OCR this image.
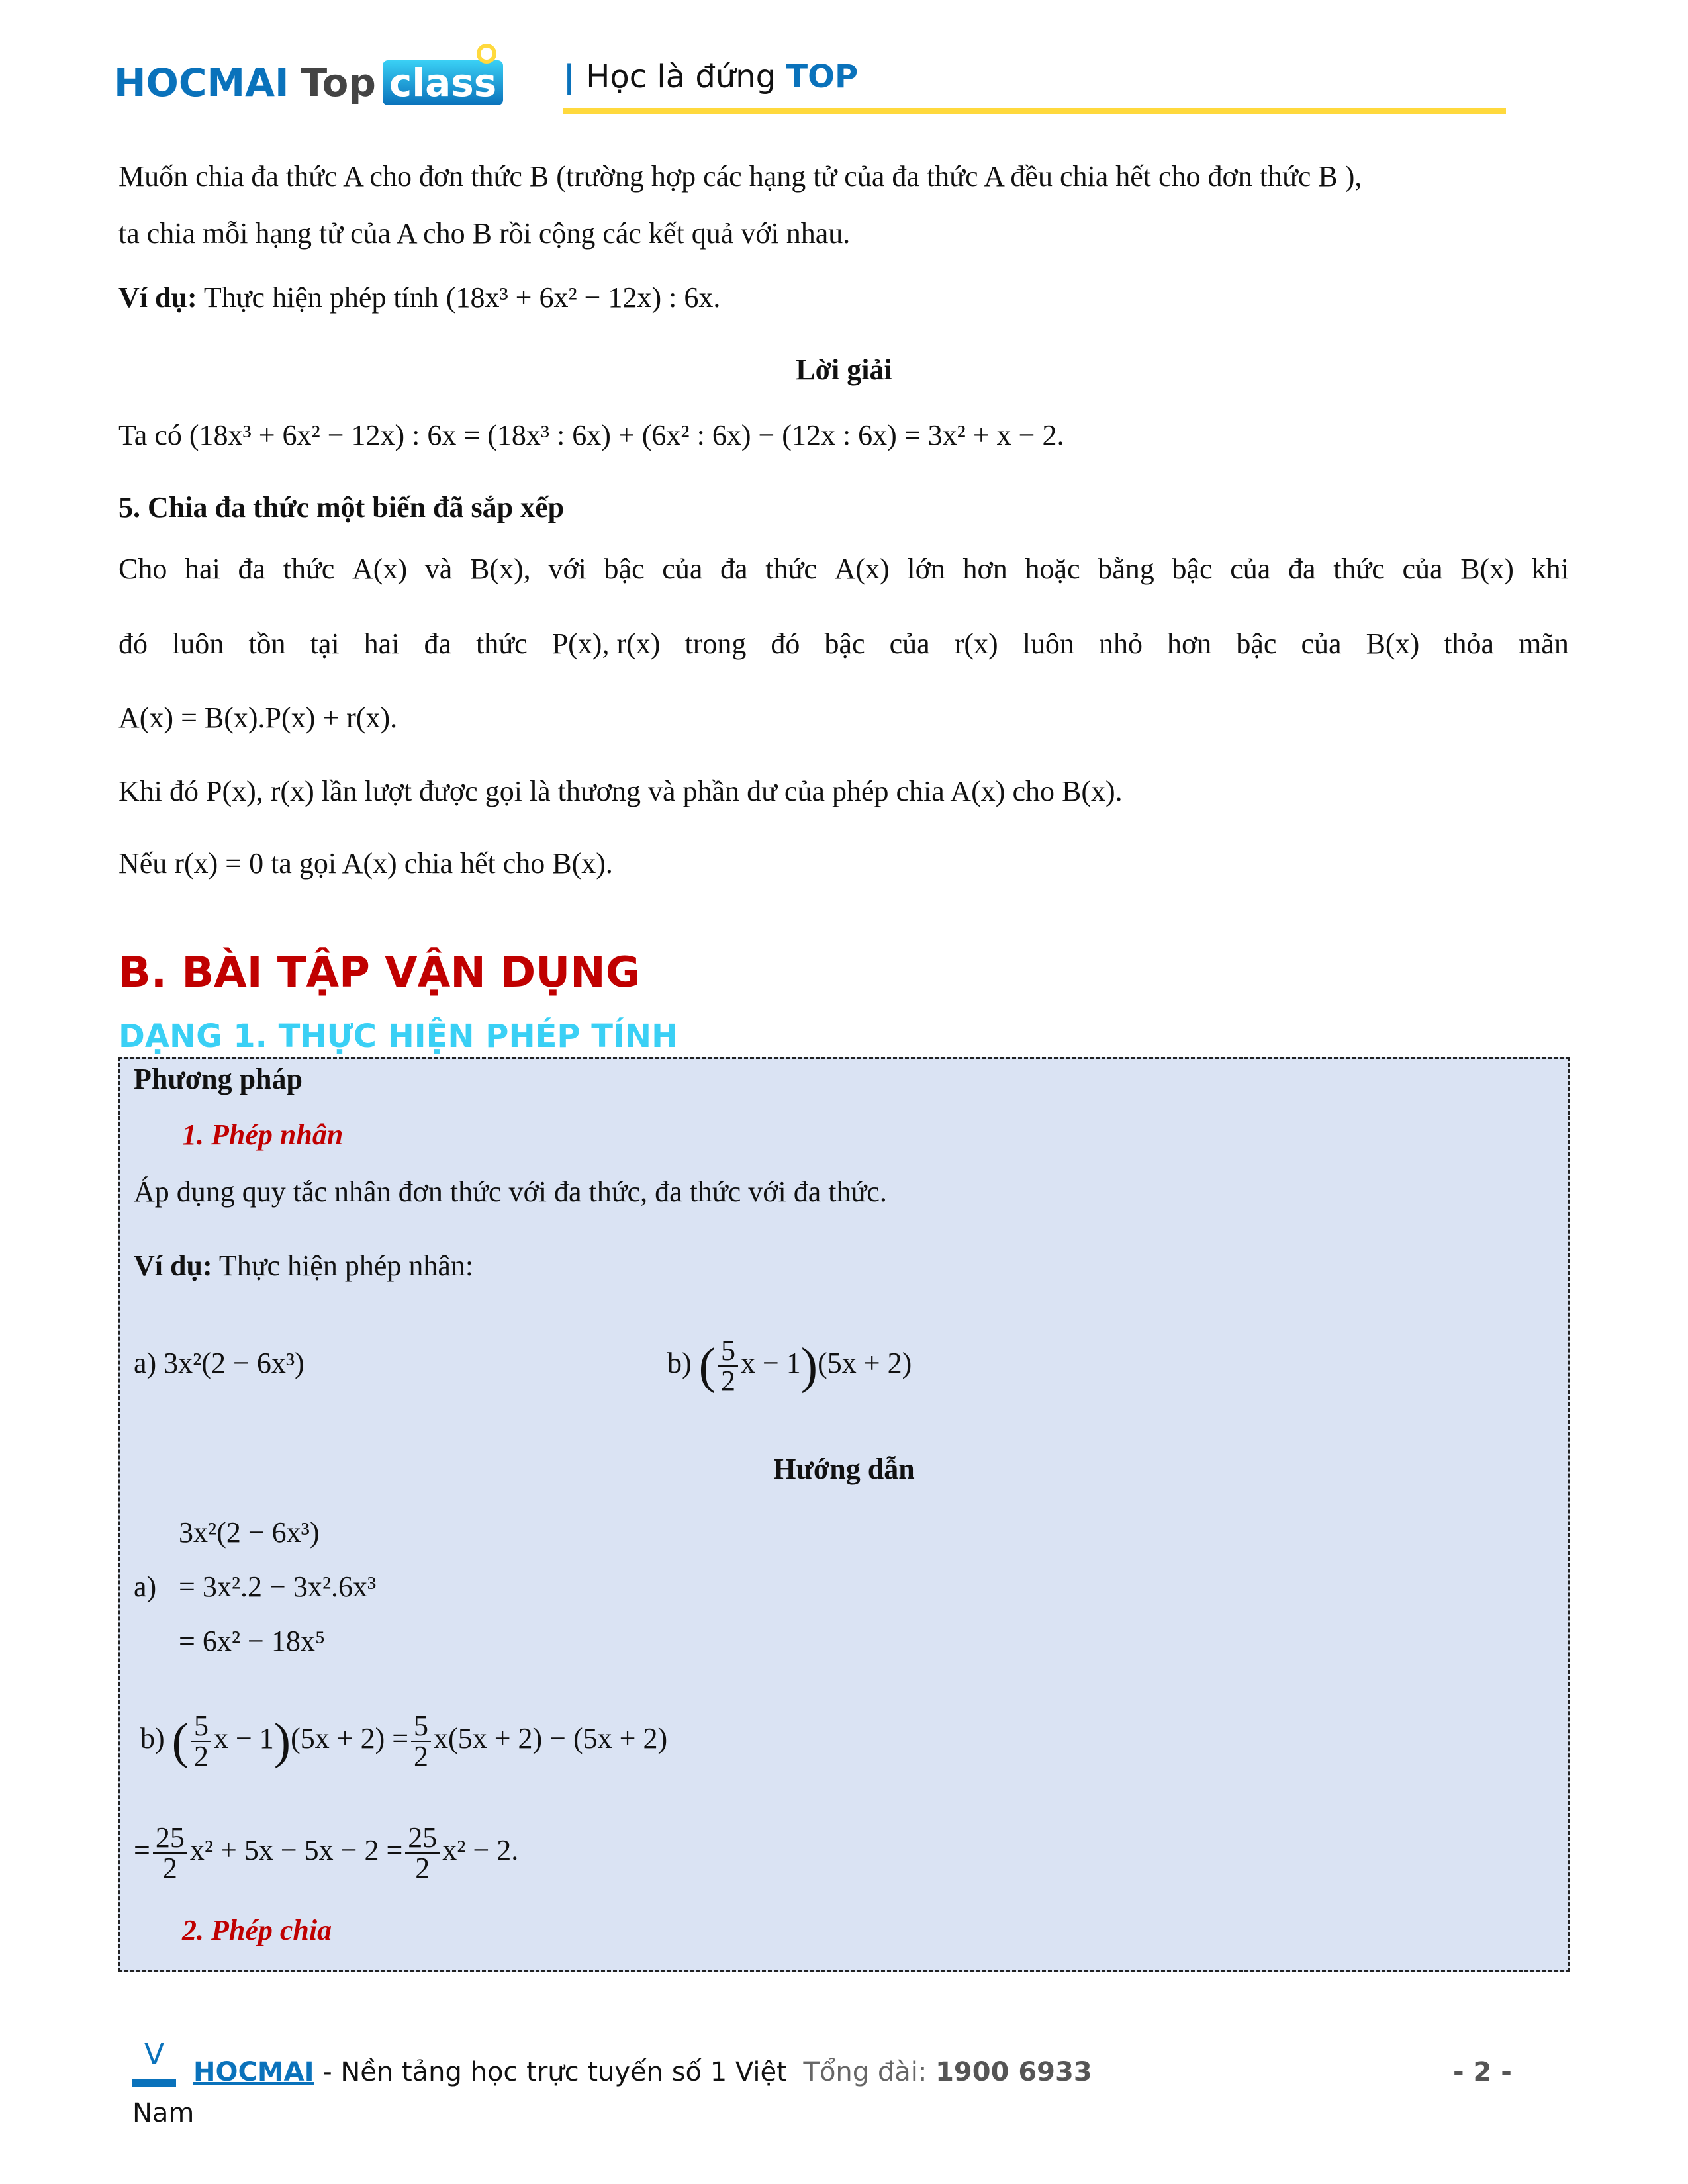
HOCMAI Top class | Học là đứng TOP
Muốn chia đa thức A cho đơn thức B (trường hợp các hạng tử của đa thức A đều chia hết cho đơn thức B ),
ta chia mỗi hạng tử của A cho B rồi cộng các kết quả với nhau.
Ví dụ: Thực hiện phép tính (18x³ + 6x² − 12x) : 6x.
Lời giải
Ta có (18x³ + 6x² − 12x) : 6x = (18x³ : 6x) + (6x² : 6x) − (12x : 6x) = 3x² + x − 2.
5. Chia đa thức một biến đã sắp xếp
Cho hai đa thức A(x) và B(x), với bậc của đa thức A(x) lớn hơn hoặc bằng bậc của đa thức của B(x) khi
đó luôn tồn tại hai đa thức P(x), r(x) trong đó bậc của r(x) luôn nhỏ hơn bậc của B(x) thỏa mãn
A(x) = B(x).P(x) + r(x).
Khi đó P(x), r(x) lần lượt được gọi là thương và phần dư của phép chia A(x) cho B(x).
Nếu r(x) = 0 ta gọi A(x) chia hết cho B(x).
B. BÀI TẬP VẬN DỤNG
DẠNG 1. THỰC HIỆN PHÉP TÍNH
Phương pháp
1. Phép nhân
Áp dụng quy tắc nhân đơn thức với đa thức, đa thức với đa thức.
Ví dụ: Thực hiện phép nhân:
a) 3x²(2 − 6x³)	b) ( $\frac{5}{2}$ x − 1)(5x + 2)
Hướng dẫn
3x²(2 − 6x³)
a) = 3x².2 − 3x².6x³
= 6x² − 18x⁵
b) ( $\frac{5}{2}$ $x - 1)(5x + 2) = \frac{5}{2} x(5x + 2) - (5x + 2)$
= $\frac{25}{2} x^2 + 5x - 5x - 2 = \frac{25}{2} x^2 - 2$.
2. Phép chia
ⴸ
HOCMAI - Nền tảng học trực tuyến số 1 Việt Tổng đài: 1900 6933	- 2 -
Nam
